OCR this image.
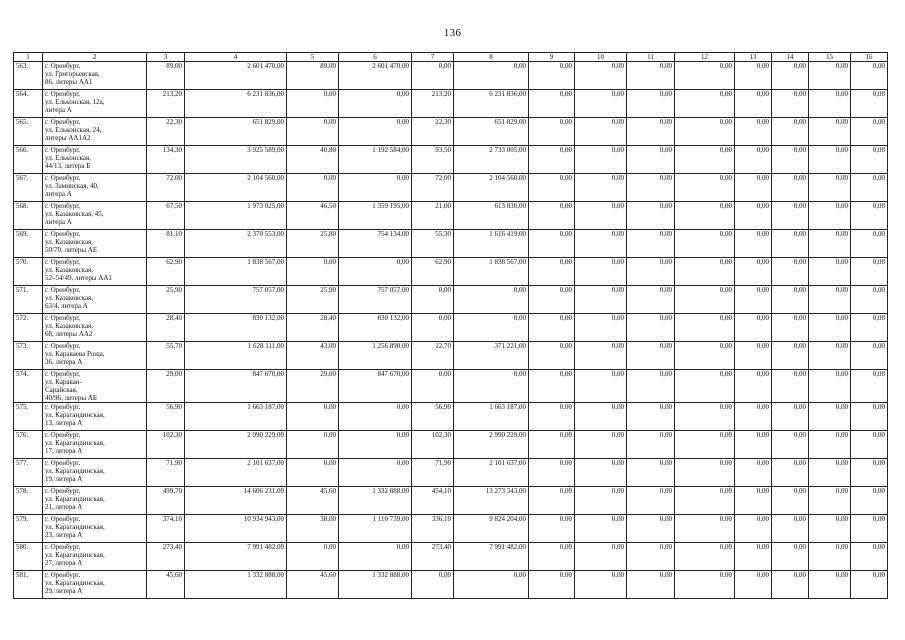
136
1	2	3	4	5	6	7	8	9	10	11	12	13	14	15	16
563.	г. Оренбург,
ул. Григорьевская,
86, литеры АА1	89,00	2 601 470,00	89,00	2 601 470,00	0,00	0,00	0,00	0,00	0,00	0,00	0,00	0,00	0,00	0,00
564.	г. Оренбург,
ул. Ельконская, 12а,
литера А	213,20	6 231 836,00	0,00	0,00	213,20	6 231 836,00	0,00	0,00	0,00	0,00	0,00	0,00	0,00	0,00
565.	г. Оренбург,
ул. Ельконская, 24,
литеры АА1А2	22,30	651 829,00	0,00	0,00	22,30	651 829,00	0,00	0,00	0,00	0,00	0,00	0,00	0,00	0,00
566.	г. Оренбург,
ул. Ельконская,
44/13, литера Б	134,30	3 925 589,00	40,80	1 192 584,00	93,50	2 733 005,00	0,00	0,00	0,00	0,00	0,00	0,00	0,00	0,00
567.	г. Оренбург,
ул. Заминская, 40,
литера А	72,00	2 104 560,00	0,00	0,00	72,00	2 104 560,00	0,00	0,00	0,00	0,00	0,00	0,00	0,00	0,00
568.	г. Оренбург,
ул. Казаковская, 45,
литера А	67,50	1 973 025,00	46,50	1 359 195,00	21,00	613 830,00	0,00	0,00	0,00	0,00	0,00	0,00	0,00	0,00
569.	г. Оренбург,
ул. Казаковская,
50/70, литеры АЕ	81,10	2 370 553,00	25,80	754 134,00	55,30	1 616 419,00	0,00	0,00	0,00	0,00	0,00	0,00	0,00	0,00
570.	г. Оренбург,
ул. Казаковская,
52–54/49, литеры АА1	62,90	1 838 567,00	0,00	0,00	62,90	1 838 567,00	0,00	0,00	0,00	0,00	0,00	0,00	0,00	0,00
571.	г. Оренбург,
ул. Казаковская,
63/4, литера А	25,90	757 057,00	25,90	757 057,00	0,00	0,00	0,00	0,00	0,00	0,00	0,00	0,00	0,00	0,00
572.	г. Оренбург,
ул. Казаковская,
68, литеры АА2	28,40	830 132,00	28,40	830 132,00	0,00	0,00	0,00	0,00	0,00	0,00	0,00	0,00	0,00	0,00
573.	г. Оренбург,
ул. Караваева Роща,
36, литера А	55,70	1 628 111,00	43,00	1 256 890,00	12,70	371 221,00	0,00	0,00	0,00	0,00	0,00	0,00	0,00	0,00
574.	г. Оренбург,
ул. Караван-
Сарайская,
40/96, литеры АБ	29,00	847 670,00	29,00	847 670,00	0,00	0,00	0,00	0,00	0,00	0,00	0,00	0,00	0,00	0,00
575.	г. Оренбург,
ул. Карагандинская,
13, литера А	56,90	1 663 187,00	0,00	0,00	56,90	1 663 187,00	0,00	0,00	0,00	0,00	0,00	0,00	0,00	0,00
576.	г. Оренбург,
ул. Карагандинская,
17, литера А	102,30	2 990 229,00	0,00	0,00	102,30	2 990 229,00	0,00	0,00	0,00	0,00	0,00	0,00	0,00	0,00
577.	г. Оренбург,
ул. Карагандинская,
19, литера А	71,90	2 101 637,00	0,00	0,00	71,90	2 101 637,00	0,00	0,00	0,00	0,00	0,00	0,00	0,00	0,00
578.	г. Оренбург,
ул. Карагандинская,
21, литера А	499,70	14 606 231,00	45,60	1 332 888,00	454,10	13 273 343,00	0,00	0,00	0,00	0,00	0,00	0,00	0,00	0,00
579.	г. Оренбург,
ул. Карагандинская,
23, литера А	374,10	10 934 943,00	38,00	1 110 739,00	336,10	9 824 204,00	0,00	0,00	0,00	0,00	0,00	0,00	0,00	0,00
580.	г. Оренбург,
ул. Карагандинская,
27, литера А	273,40	7 991 482,00	0,00	0,00	273,40	7 991 482,00	0,00	0,00	0,00	0,00	0,00	0,00	0,00	0,00
581.	г. Оренбург,
ул. Карагандинская,
29, литера А	45,60	1 332 888,00	45,60	1 332 888,00	0,00	0,00	0,00	0,00	0,00	0,00	0,00	0,00	0,00	0,00
